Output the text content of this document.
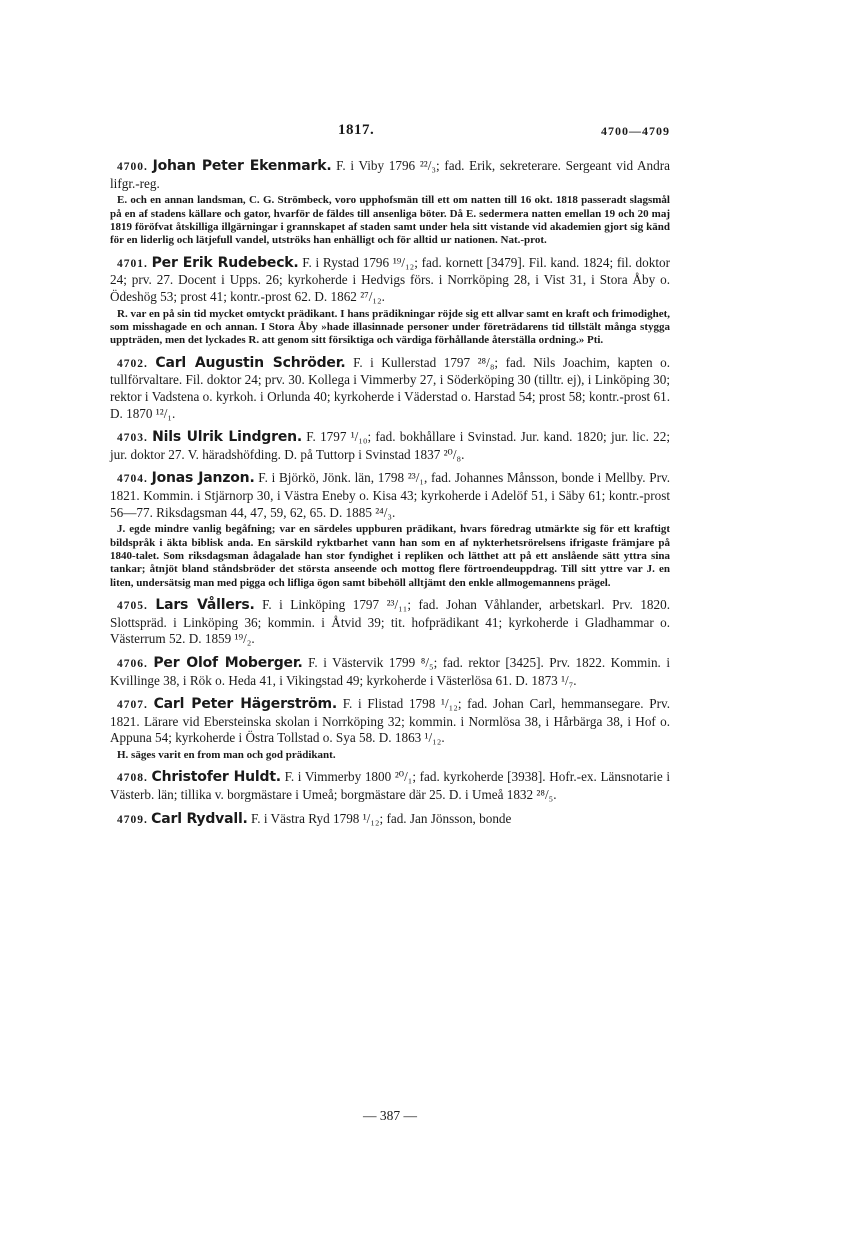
1817.	4700—4709

4700. Johan Peter Ekenmark. F. i Viby 1796 ²²/₃; fad. Erik, sekreterare. Sergeant vid Andra lifgr.-reg.

E. och en annan landsman, C. G. Strömbeck, voro upphofsmän till ett om natten till 16 okt. 1818 passeradt slagsmål på en af stadens källare och gator, hvarför de fäldes till ansenliga böter. Då E. sedermera natten emellan 19 och 20 maj 1819 föröfvat åtskilliga illgärningar i grannskapet af staden samt under hela sitt vistande vid akademien gjort sig känd för en liderlig och lätjefull vandel, utströks han enhälligt och för alltid ur nationen. Nat.-prot.

4701. Per Erik Rudebeck. F. i Rystad 1796 ¹⁹/₁₂; fad. kornett [3479]. Fil. kand. 1824; fil. doktor 24; prv. 27. Docent i Upps. 26; kyrkoherde i Hedvigs förs. i Norrköping 28, i Vist 31, i Stora Åby o. Ödeshög 53; prost 41; kontr.-prost 62. D. 1862 ²⁷/₁₂.

R. var en på sin tid mycket omtyckt prädikant. I hans prädikningar röjde sig ett allvar samt en kraft och frimodighet, som misshagade en och annan. I Stora Åby »hade illasinnade personer under företrädarens tid tillstält många stygga uppträden, men det lyckades R. att genom sitt försiktiga och värdiga förhållande återställa ordning.» Pti.

4702. Carl Augustin Schröder. F. i Kullerstad 1797 ²⁸/₈; fad. Nils Joachim, kapten o. tullförvaltare. Fil. doktor 24; prv. 30. Kollega i Vimmerby 27, i Söderköping 30 (tilltr. ej), i Linköping 30; rektor i Vadstena o. kyrkoh. i Orlunda 40; kyrkoherde i Väderstad o. Harstad 54; prost 58; kontr.-prost 61. D. 1870 ¹²/₁.

4703. Nils Ulrik Lindgren. F. 1797 ¹/₁₀; fad. bokhållare i Svinstad. Jur. kand. 1820; jur. lic. 22; jur. doktor 27. V. häradshöfding. D. på Tuttorp i Svinstad 1837 ²⁰/₈.

4704. Jonas Janzon. F. i Björkö, Jönk. län, 1798 ²³/₁, fad. Johannes Månsson, bonde i Mellby. Prv. 1821. Kommin. i Stjärnorp 30, i Västra Eneby o. Kisa 43; kyrkoherde i Adelöf 51, i Säby 61; kontr.-prost 56—77. Riksdagsman 44, 47, 59, 62, 65. D. 1885 ²⁴/₃.

J. egde mindre vanlig begåfning; var en särdeles uppburen prädikant, hvars föredrag utmärkte sig för ett kraftigt bildspråk i äkta biblisk anda. En särskild ryktbarhet vann han som en af nykterhetsrörelsens ifrigaste främjare på 1840-talet. Som riksdagsman ådagalade han stor fyndighet i repliken och lätthet att på ett anslående sätt yttra sina tankar; åtnjöt bland ståndsbröder det största anseende och mottog flere förtroendeuppdrag. Till sitt yttre var J. en liten, undersätsig man med pigga och lifliga ögon samt bibehöll alltjämt den enkle allmogemannens prägel.

4705. Lars Vållers. F. i Linköping 1797 ²³/₁₁; fad. Johan Våhlander, arbetskarl. Prv. 1820. Slottspräd. i Linköping 36; kommin. i Åtvid 39; tit. hofprädikant 41; kyrkoherde i Gladhammar o. Västerrum 52. D. 1859 ¹⁹/₂.

4706. Per Olof Moberger. F. i Västervik 1799 ⁸/₅; fad. rektor [3425]. Prv. 1822. Kommin. i Kvillinge 38, i Rök o. Heda 41, i Vikingstad 49; kyrkoherde i Västerlösa 61. D. 1873 ¹/₇.

4707. Carl Peter Hägerström. F. i Flistad 1798 ¹/₁₂; fad. Johan Carl, hemmansegare. Prv. 1821. Lärare vid Ebersteinska skolan i Norrköping 32; kommin. i Normlösa 38, i Hårbärga 38, i Hof o. Appuna 54; kyrkoherde i Östra Tollstad o. Sya 58. D. 1863 ¹/₁₂.

H. säges varit en from man och god prädikant.

4708. Christofer Huldt. F. i Vimmerby 1800 ²⁰/₁; fad. kyrkoherde [3938]. Hofr.-ex. Länsnotarie i Västerb. län; tillika v. borgmästare i Umeå; borgmästare där 25. D. i Umeå 1832 ²⁸/₅.

4709. Carl Rydvall. F. i Västra Ryd 1798 ¹/₁₂; fad. Jan Jönsson, bonde

— 387 —
